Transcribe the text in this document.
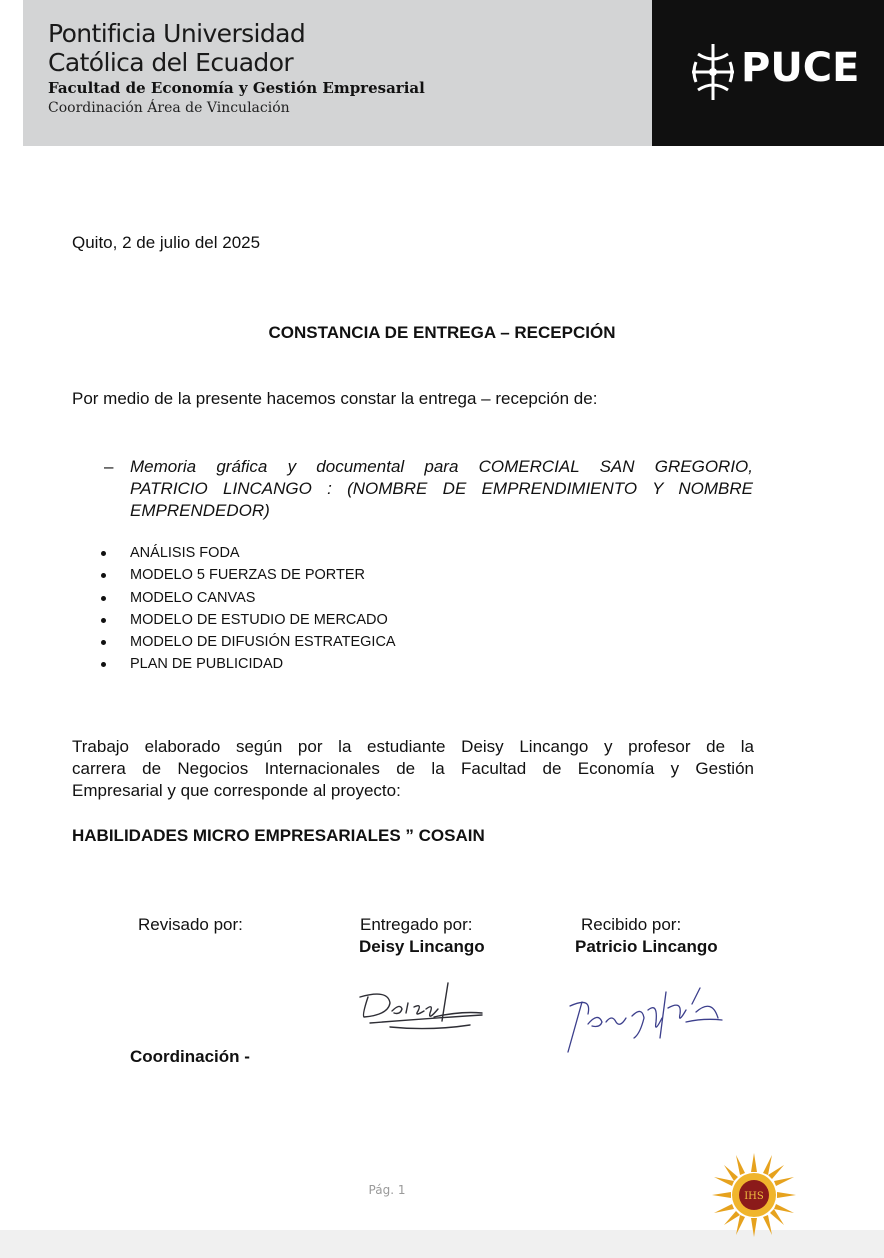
Pontificia Universidad
Católica del Ecuador
Facultad de Economía y Gestión Empresarial
Coordinación Área de Vinculación
PUCE
Quito, 2 de julio del 2025
CONSTANCIA DE ENTREGA – RECEPCIÓN
Por medio de la presente hacemos constar la entrega – recepción de:
– Memoria gráfica y documental para COMERCIAL SAN GREGORIO,
PATRICIO LINCANGO : (NOMBRE DE EMPRENDIMIENTO Y NOMBRE
EMPRENDEDOR)
ANÁLISIS FODA
MODELO 5 FUERZAS DE PORTER
MODELO CANVAS
MODELO DE ESTUDIO DE MERCADO
MODELO DE DIFUSIÓN ESTRATEGICA
PLAN DE PUBLICIDAD
Trabajo elaborado según por la estudiante Deisy Lincango y profesor de la
carrera de Negocios Internacionales de la Facultad de Economía y Gestión
Empresarial y que corresponde al proyecto:
HABILIDADES MICRO EMPRESARIALES ” COSAIN
Revisado por:	Entregado por:
Deisy Lincango
Recibido por:
Patricio Lincango
Coordinación -
Pág. 1	IHS
